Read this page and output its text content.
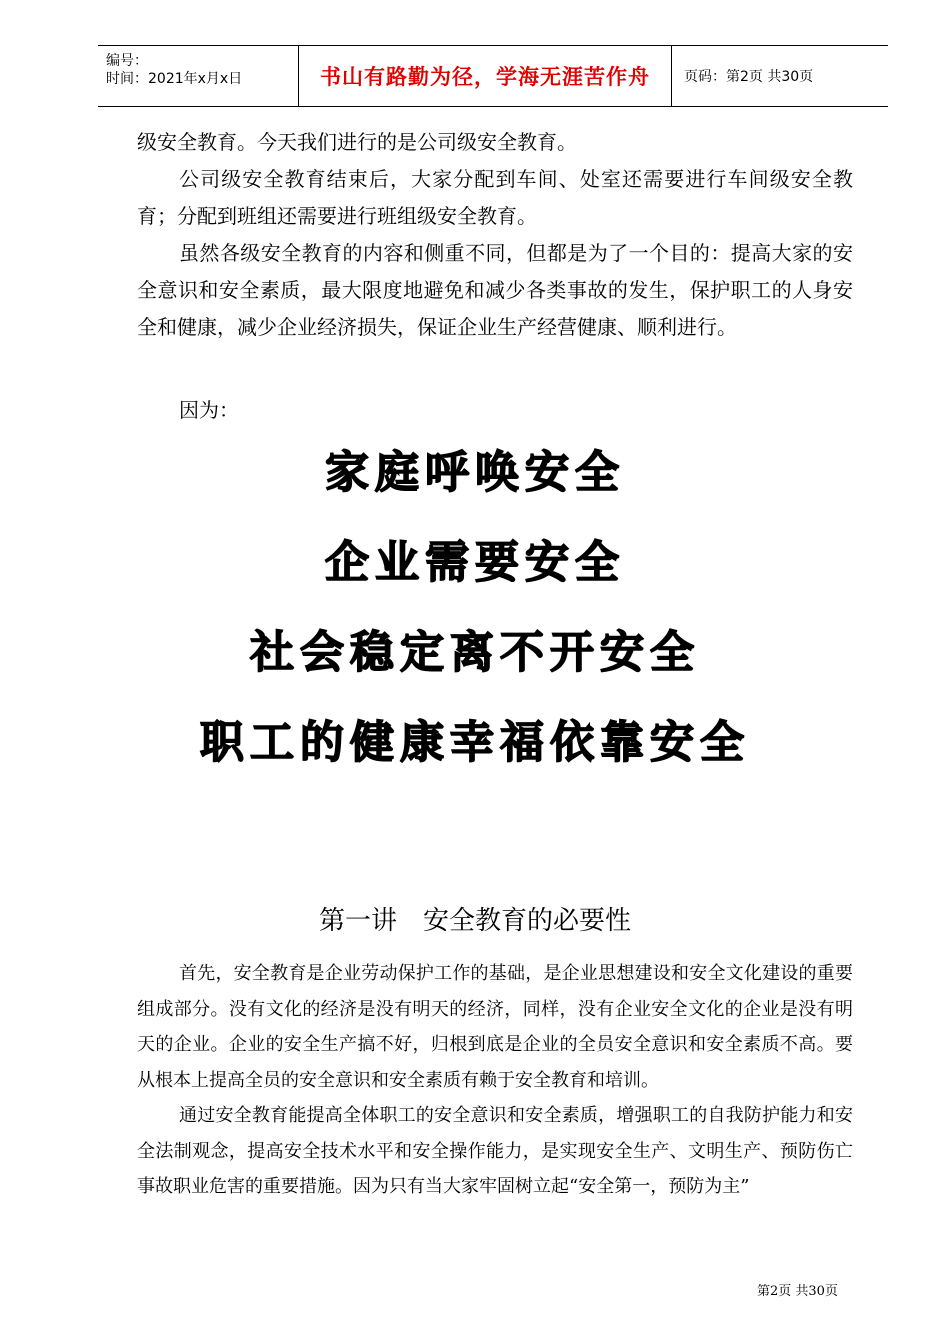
编号：
时间：2021年x月x日	书山有路勤为径，学海无涯苦作舟	页码：第2页 共30页
级安全教育。今天我们进行的是公司级安全教育。
公司级安全教育结束后，大家分配到车间、处室还需要进行车间级安全教育；分配到班组还需要进行班组级安全教育。
虽然各级安全教育的内容和侧重不同，但都是为了一个目的：提高大家的安全意识和安全素质，最大限度地避免和减少各类事故的发生，保护职工的人身安全和健康，减少企业经济损失，保证企业生产经营健康、顺利进行。
因为：
家庭呼唤安全
企业需要安全
社会稳定离不开安全
职工的健康幸福依靠安全
第一讲　安全教育的必要性
首先，安全教育是企业劳动保护工作的基础，是企业思想建设和安全文化建设的重要组成部分。没有文化的经济是没有明天的经济，同样，没有企业安全文化的企业是没有明天的企业。企业的安全生产搞不好，归根到底是企业的全员安全意识和安全素质不高。要从根本上提高全员的安全意识和安全素质有赖于安全教育和培训。
通过安全教育能提高全体职工的安全意识和安全素质，增强职工的自我防护能力和安全法制观念，提高安全技术水平和安全操作能力，是实现安全生产、文明生产、预防伤亡事故职业危害的重要措施。因为只有当大家牢固树立起“安全第一，预防为主”
第2页 共30页
